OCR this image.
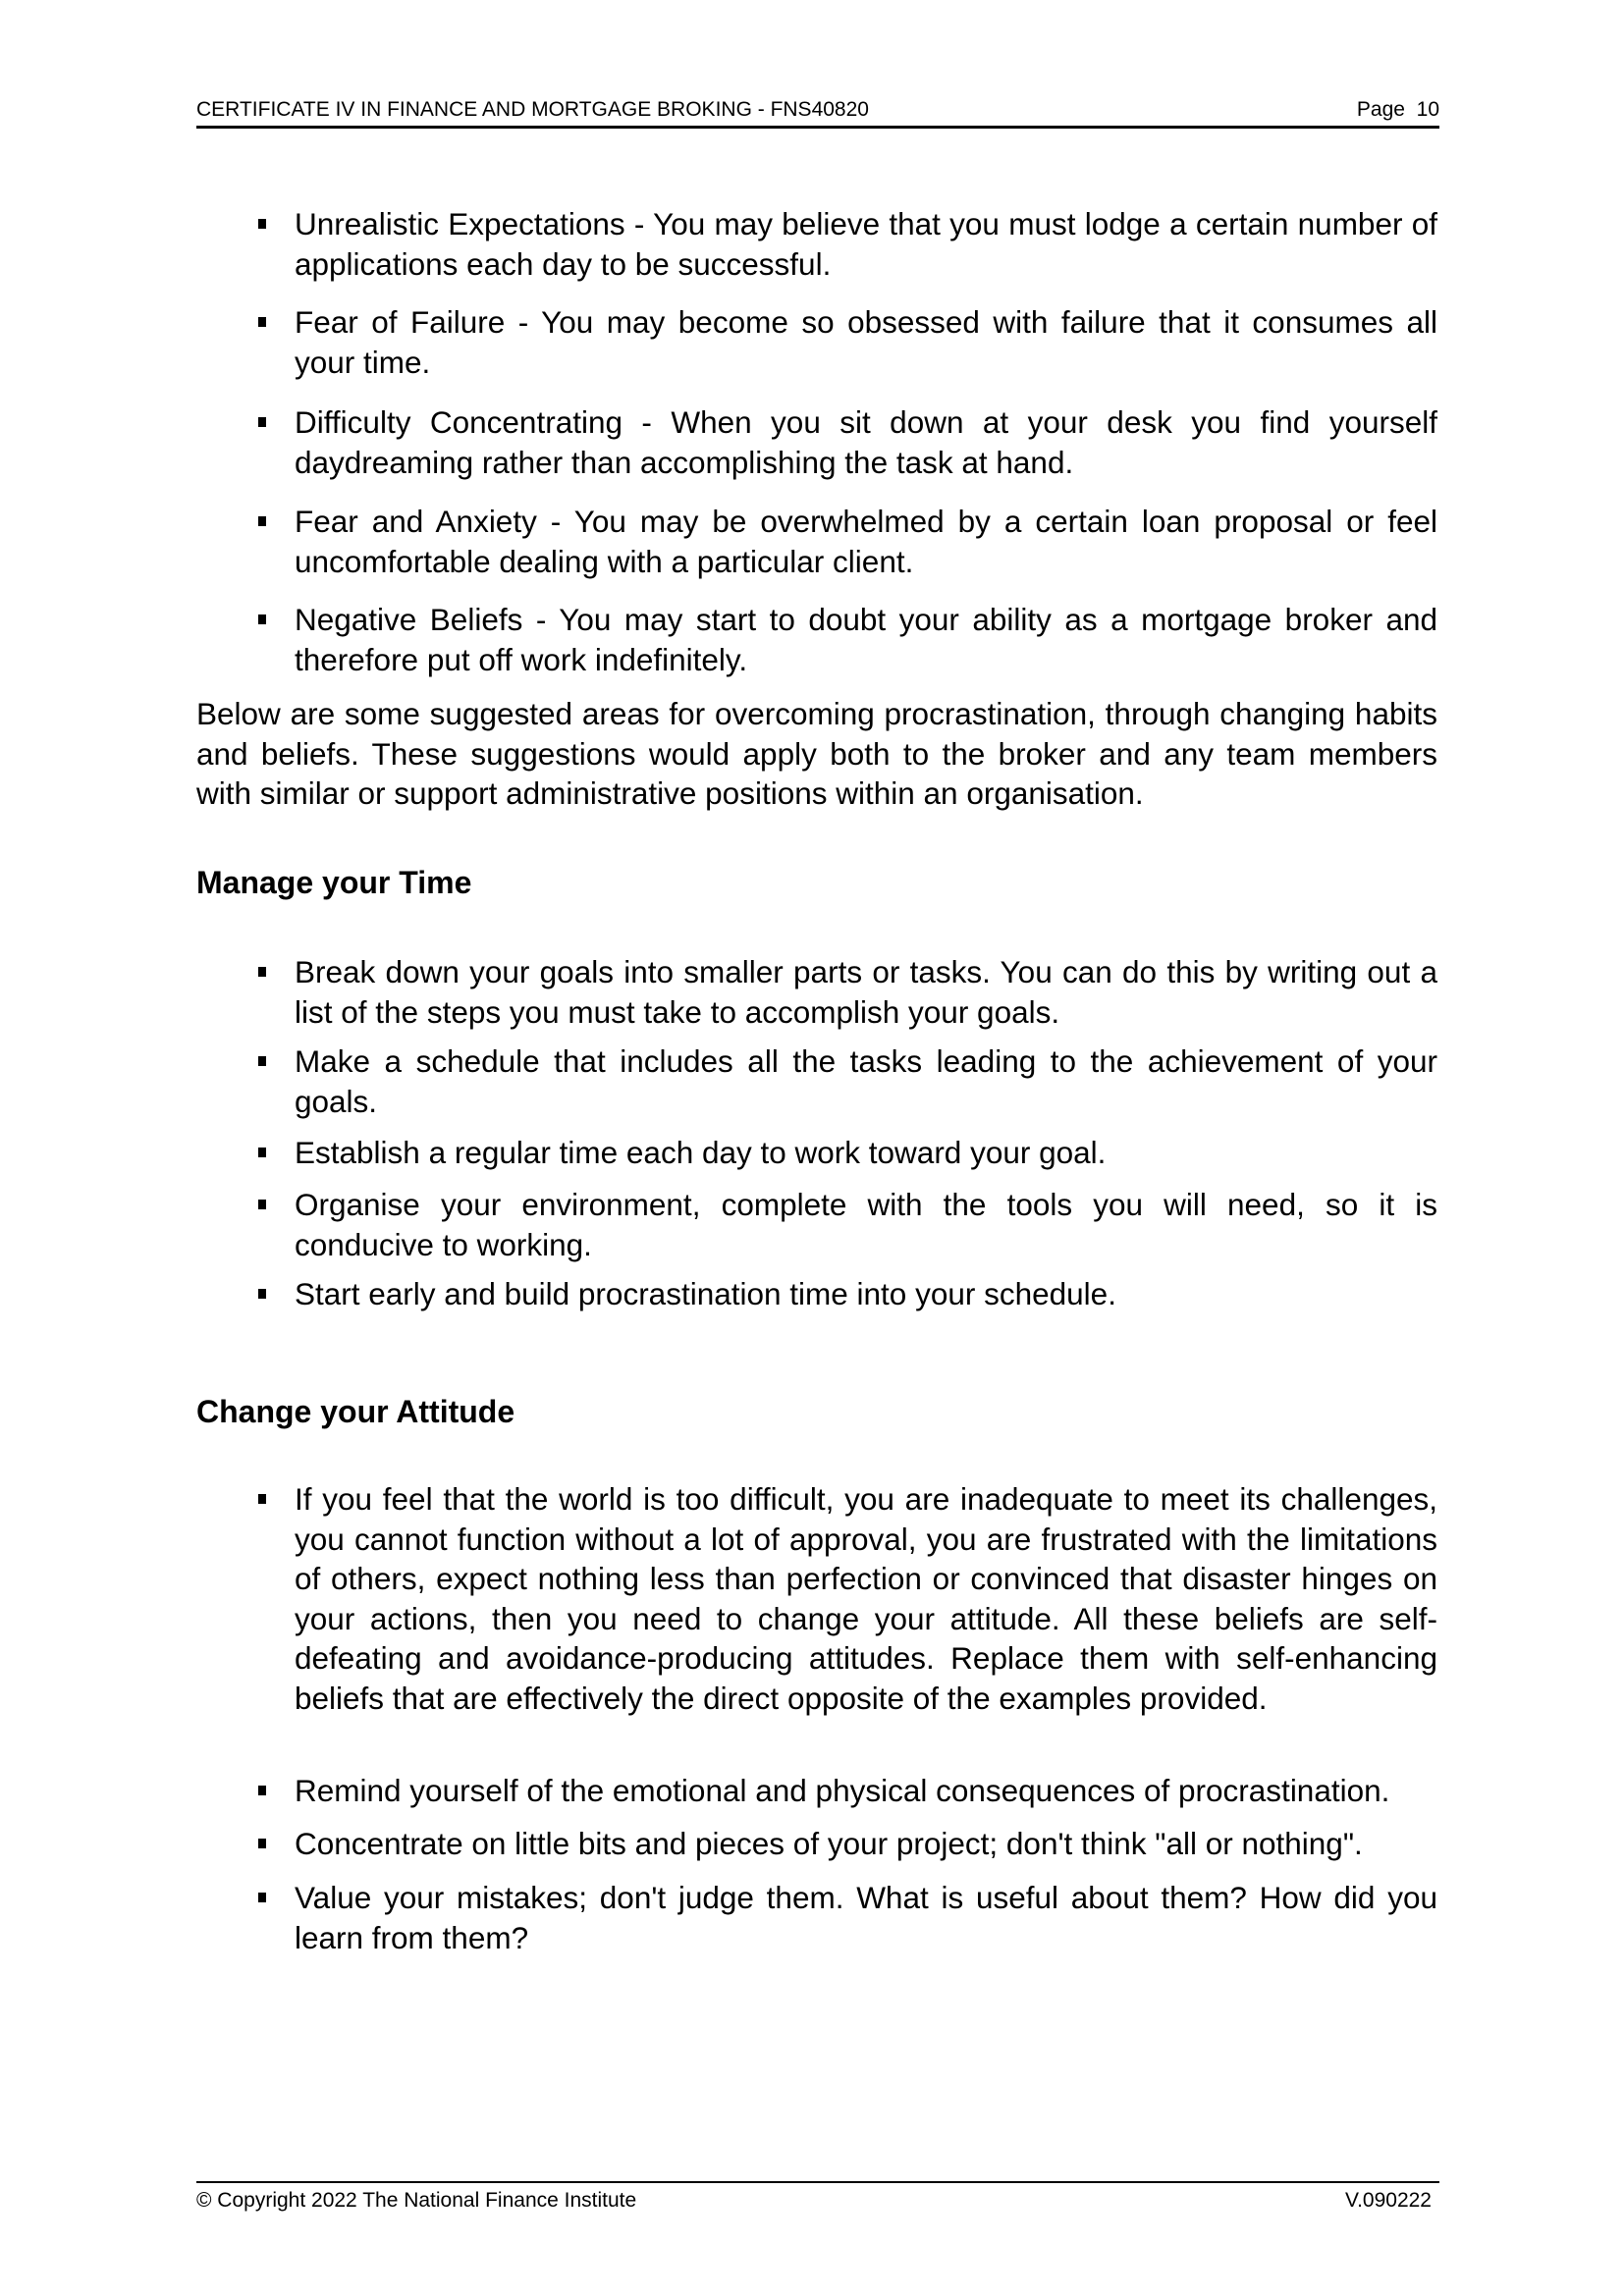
CERTIFICATE IV IN FINANCE AND MORTGAGE BROKING - FNS40820	Page  10
Unrealistic Expectations - You may believe that you must lodge a certain number of applications each day to be successful.
Fear of Failure - You may become so obsessed with failure that it consumes all your time.
Difficulty Concentrating - When you sit down at your desk you find yourself daydreaming rather than accomplishing the task at hand.
Fear and Anxiety - You may be overwhelmed by a certain loan proposal or feel uncomfortable dealing with a particular client.
Negative Beliefs - You may start to doubt your ability as a mortgage broker and therefore put off work indefinitely.
Below are some suggested areas for overcoming procrastination, through changing habits and beliefs. These suggestions would apply both to the broker and any team members with similar or support administrative positions within an organisation.
Manage your Time
Break down your goals into smaller parts or tasks. You can do this by writing out a list of the steps you must take to accomplish your goals.
Make a schedule that includes all the tasks leading to the achievement of your goals.
Establish a regular time each day to work toward your goal.
Organise your environment, complete with the tools you will need, so it is conducive to working.
Start early and build procrastination time into your schedule.
Change your Attitude
If you feel that the world is too difficult, you are inadequate to meet its challenges, you cannot function without a lot of approval, you are frustrated with the limitations of others, expect nothing less than perfection or convinced that disaster hinges on your actions, then you need to change your attitude. All these beliefs are self-defeating and avoidance-producing attitudes. Replace them with self-enhancing beliefs that are effectively the direct opposite of the examples provided.
Remind yourself of the emotional and physical consequences of procrastination.
Concentrate on little bits and pieces of your project; don't think "all or nothing".
Value your mistakes; don't judge them. What is useful about them? How did you learn from them?
© Copyright 2022 The National Finance Institute	V.090222
